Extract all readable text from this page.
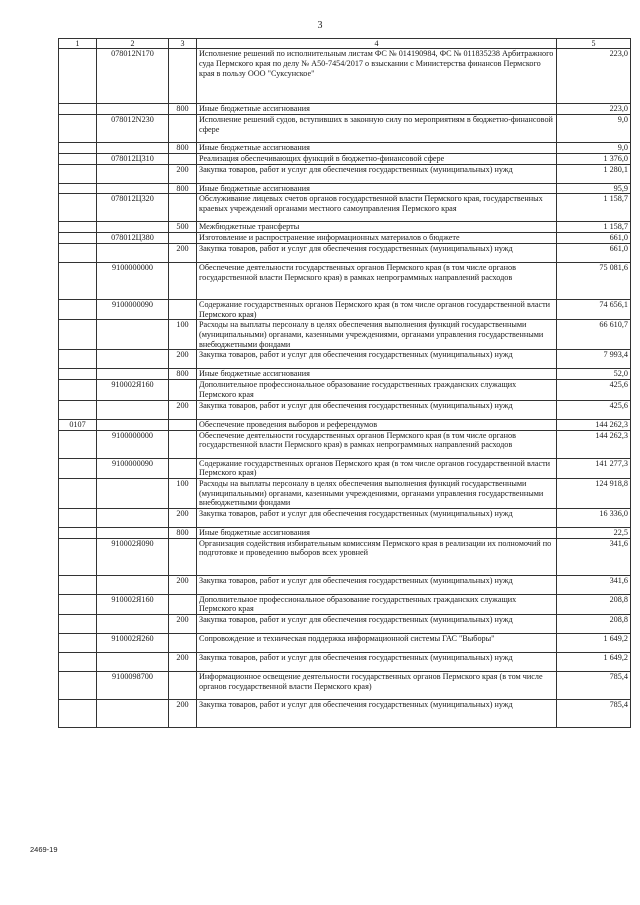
3
1	2	3	4	5
	078012N170		Исполнение решений по исполнительным листам ФС № 014190984, ФС № 011835238 Арбитражного суда Пермского края по делу № А50-7454/2017 о взыскании с Министерства финансов Пермского края в пользу ООО "Суксунское"	223,0
		800	Иные бюджетные ассигнования	223,0
	078012N230		Исполнение решений судов, вступивших в законную силу по мероприятиям в бюджетно-финансовой сфере	9,0
		800	Иные бюджетные ассигнования	9,0
	078012Ц310		Реализация обеспечивающих функций в бюджетно-финансовой сфере	1 376,0
		200	Закупка товаров, работ и услуг для обеспечения государственных (муниципальных) нужд	1 280,1
		800	Иные бюджетные ассигнования	95,9
	078012Ц320		Обслуживание лицевых счетов органов государственной власти Пермского края, государственных краевых учреждений органами местного самоуправления Пермского края	1 158,7
		500	Межбюджетные трансферты	1 158,7
	078012Ц380		Изготовление и распространение информационных материалов о бюджете	661,0
		200	Закупка товаров, работ и услуг для обеспечения государственных (муниципальных) нужд	661,0
	9100000000		Обеспечение деятельности государственных органов Пермского края (в том числе органов государственной власти Пермского края) в рамках непрограммных направлений расходов	75 081,6
	9100000090		Содержание государственных органов Пермского края (в том числе органов государственной власти Пермского края)	74 656,1
		100	Расходы на выплаты персоналу в целях обеспечения выполнения функций государственными (муниципальными) органами, казенными учреждениями, органами управления государственными внебюджетными фондами	66 610,7
		200	Закупка товаров, работ и услуг для обеспечения государственных (муниципальных) нужд	7 993,4
		800	Иные бюджетные ассигнования	52,0
	910002Я160		Дополнительное профессиональное образование государственных гражданских служащих Пермского края	425,6
		200	Закупка товаров, работ и услуг для обеспечения государственных (муниципальных) нужд	425,6
0107			Обеспечение проведения выборов и референдумов	144 262,3
	9100000000		Обеспечение деятельности государственных органов Пермского края (в том числе органов государственной власти Пермского края) в рамках непрограммных направлений расходов	144 262,3
	9100000090		Содержание государственных органов Пермского края (в том числе органов государственной власти Пермского края)	141 277,3
		100	Расходы на выплаты персоналу в целях обеспечения выполнения функций государственными (муниципальными) органами, казенными учреждениями, органами управления государственными внебюджетными фондами	124 918,8
		200	Закупка товаров, работ и услуг для обеспечения государственных (муниципальных) нужд	16 336,0
		800	Иные бюджетные ассигнования	22,5
	910002Я090		Организация содействия избирательным комиссиям Пермского края в реализации их полномочий по подготовке и проведению выборов всех уровней	341,6
		200	Закупка товаров, работ и услуг для обеспечения государственных (муниципальных) нужд	341,6
	910002Я160		Дополнительное профессиональное образование государственных гражданских служащих Пермского края	208,8
		200	Закупка товаров, работ и услуг для обеспечения государственных (муниципальных) нужд	208,8
	910002Я260		Сопровождение и техническая поддержка информационной системы ГАС "Выборы"	1 649,2
		200	Закупка товаров, работ и услуг для обеспечения государственных (муниципальных) нужд	1 649,2
	9100098700		Информационное освещение деятельности государственных органов Пермского края (в том числе органов государственной власти Пермского края)	785,4
		200	Закупка товаров, работ и услуг для обеспечения государственных (муниципальных) нужд	785,4
2469-19
